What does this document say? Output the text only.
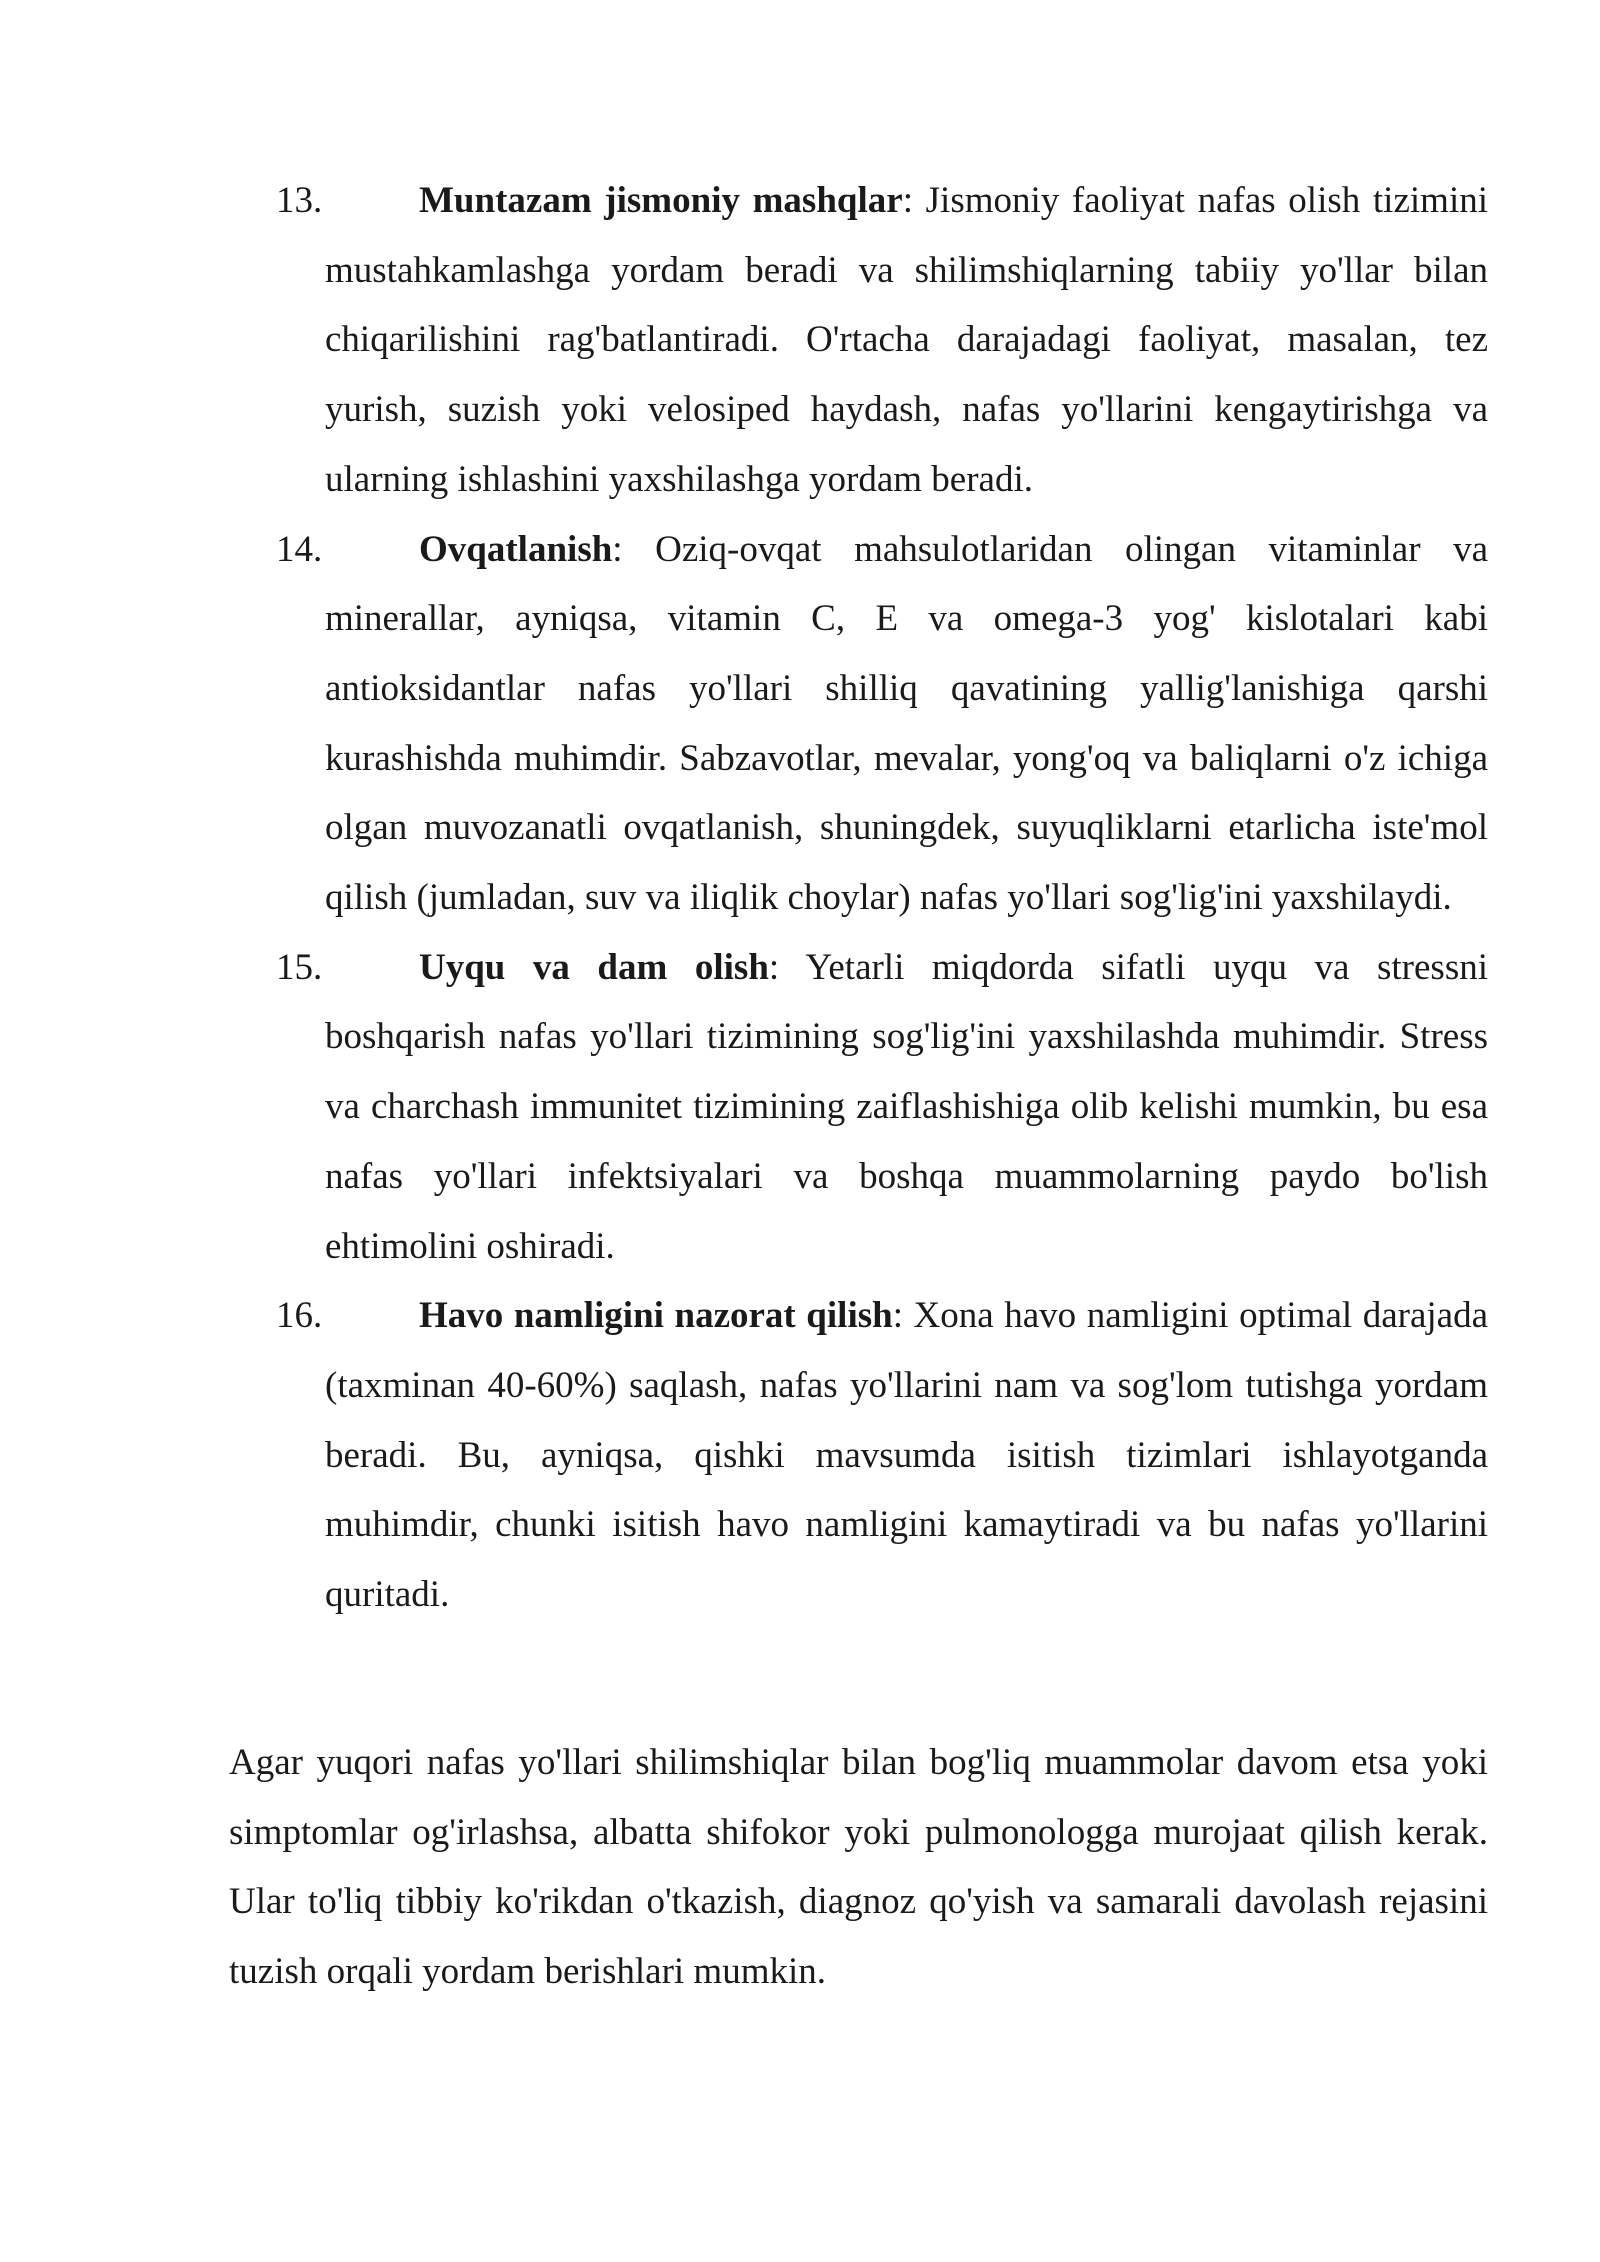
13.	Muntazam jismoniy mashqlar: Jismoniy faoliyat nafas olish tizimini mustahkamlashga yordam beradi va shilimshiqlarning tabiiy yo'llar bilan chiqarilishini rag'batlantiradi. O'rtacha darajadagi faoliyat, masalan, tez yurish, suzish yoki velosiped haydash, nafas yo'llarini kengaytirishga va ularning ishlashini yaxshilashga yordam beradi.
14.	Ovqatlanish: Oziq-ovqat mahsulotlaridan olingan vitaminlar va minerallar, ayniqsa, vitamin C, E va omega-3 yog' kislotalari kabi antioksidantlar nafas yo'llari shilliq qavatining yallig'lanishiga qarshi kurashishda muhimdir. Sabzavotlar, mevalar, yong'oq va baliqlarni o'z ichiga olgan muvozanatli ovqatlanish, shuningdek, suyuqliklarni etarlicha iste'mol qilish (jumladan, suv va iliqlik choylar) nafas yo'llari sog'lig'ini yaxshilaydi.
15.	Uyqu va dam olish: Yetarli miqdorda sifatli uyqu va stressni boshqarish nafas yo'llari tizimining sog'lig'ini yaxshilashda muhimdir. Stress va charchash immunitet tizimining zaiflashishiga olib kelishi mumkin, bu esa nafas yo'llari infektsiyalari va boshqa muammolarning paydo bo'lish ehtimolini oshiradi.
16.	Havo namligini nazorat qilish: Xona havo namligini optimal darajada (taxminan 40-60%) saqlash, nafas yo'llarini nam va sog'lom tutishga yordam beradi. Bu, ayniqsa, qishki mavsumda isitish tizimlari ishlayotganda muhimdir, chunki isitish havo namligini kamaytiradi va bu nafas yo'llarini quritadi.

Agar yuqori nafas yo'llari shilimshiqlar bilan bog'liq muammolar davom etsa yoki simptomlar og'irlashsa, albatta shifokor yoki pulmonologga murojaat qilish kerak. Ular to'liq tibbiy ko'rikdan o'tkazish, diagnoz qo'yish va samarali davolash rejasini tuzish orqali yordam berishlari mumkin.
